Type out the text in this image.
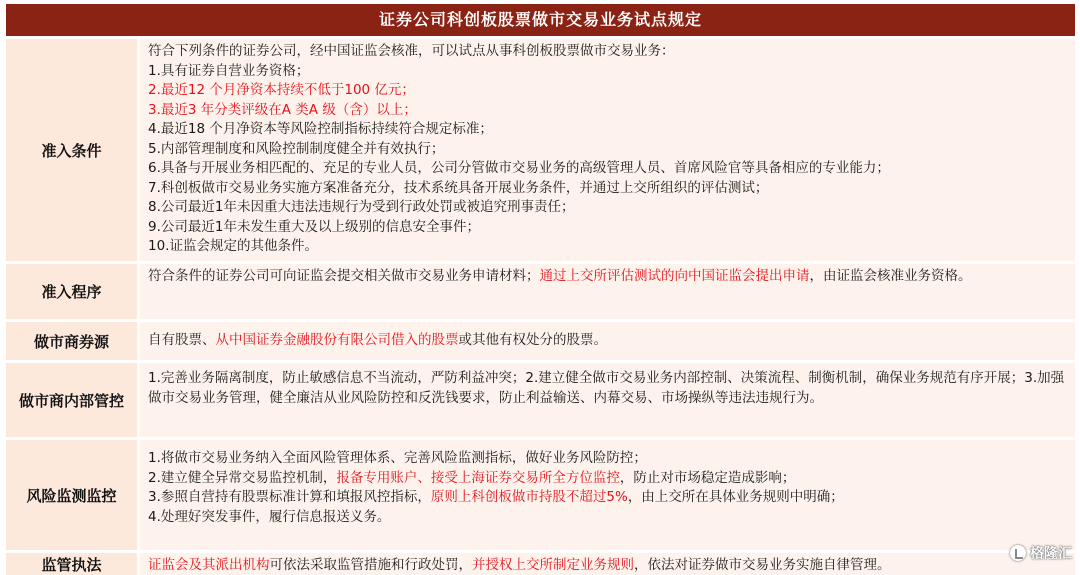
证券公司科创板股票做市交易业务试点规定
准入条件
符合下列条件的证券公司，经中国证监会核准，可以试点从事科创板股票做市交易业务：
1.具有证券自营业务资格；
2.最近12 个月净资本持续不低于100 亿元；
3.最近3 年分类评级在A 类A 级（含）以上；
4.最近18 个月净资本等风险控制指标持续符合规定标准；
5.内部管理制度和风险控制制度健全并有效执行；
6.具备与开展业务相匹配的、充足的专业人员，公司分管做市交易业务的高级管理人员、首席风险官等具备相应的专业能力；
7.科创板做市交易业务实施方案准备充分，技术系统具备开展业务条件，并通过上交所组织的评估测试；
8.公司最近1年未因重大违法违规行为受到行政处罚或被追究刑事责任；
9.公司最近1年未发生重大及以上级别的信息安全事件；
10.证监会规定的其他条件。
准入程序
符合条件的证券公司可向证监会提交相关做市交易业务申请材料；通过上交所评估测试的向中国证监会提出申请，由证监会核准业务资格。
做市商券源	自有股票、从中国证券金融股份有限公司借入的股票或其他有权处分的股票。
做市商内部管控
1.完善业务隔离制度，防止敏感信息不当流动，严防利益冲突；2.建立健全做市交易业务内部控制、决策流程、制衡机制，确保业务规范有序开展；3.加强做市交易业务管理，健全廉洁从业风险防控和反洗钱要求，防止利益输送、内幕交易、市场操纵等违法违规行为。
风险监测监控
1.将做市交易业务纳入全面风险管理体系、完善风险监测指标，做好业务风险防控；
2.建立健全异常交易监控机制，报备专用账户、接受上海证券交易所全方位监控，防止对市场稳定造成影响；
3.参照自营持有股票标准计算和填报风控指标，原则上科创板做市持股不超过5%，由上交所在具体业务规则中明确；
4.处理好突发事件，履行信息报送义务。
监管执法	证监会及其派出机构可依法采取监管措施和行政处罚，并授权上交所制定业务规则，依法对证券做市交易业务实施自律管理。
格隆汇
